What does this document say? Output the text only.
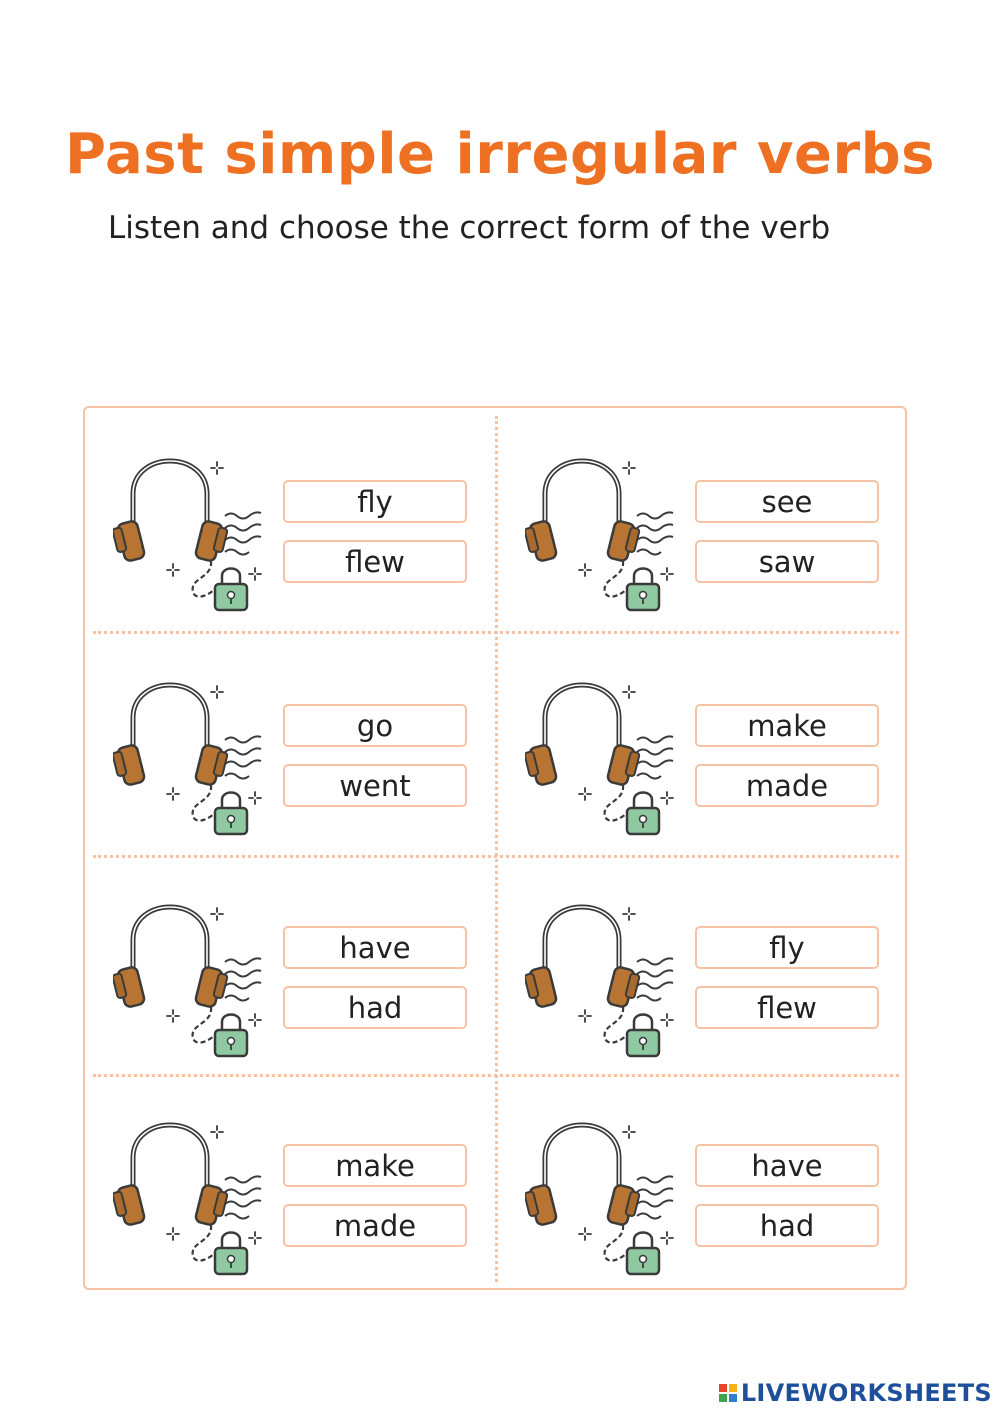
Past simple irregular verbs

Listen and choose the correct form of the verb

fly
flew
see
saw
go
went
make
made
have
had
fly
flew
make
made
have
had
LIVEWORKSHEETS
